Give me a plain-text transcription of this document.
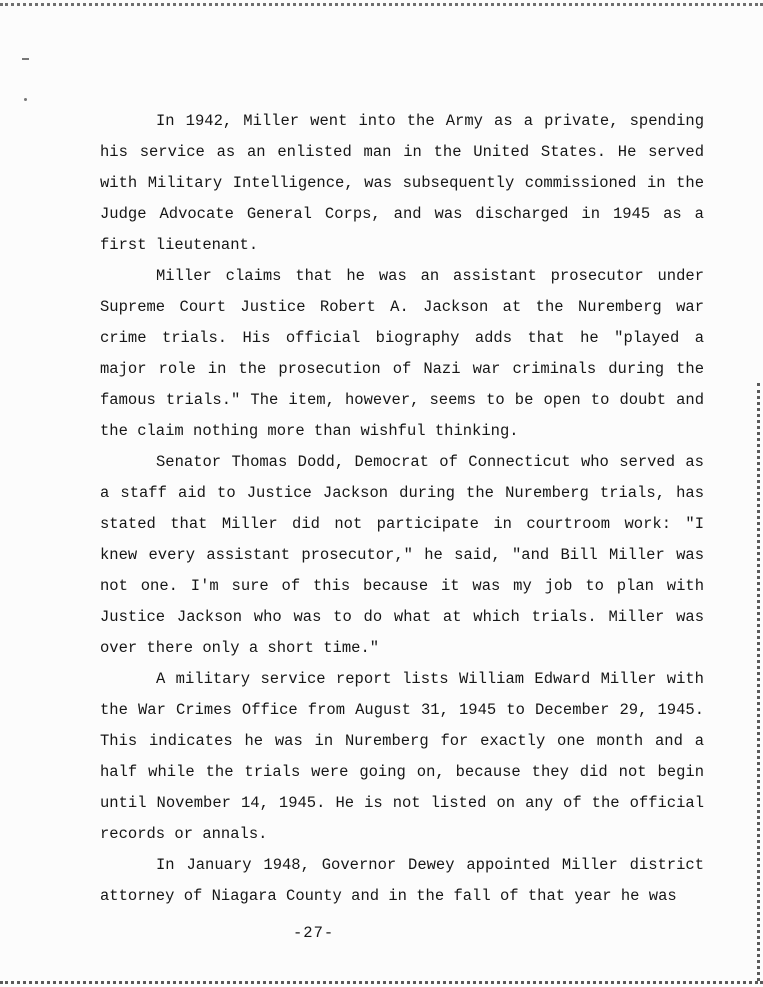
In 1942, Miller went into the Army as a private, spending his service as an enlisted man in the United States. He served with Military Intelligence, was subsequently commissioned in the Judge Advocate General Corps, and was discharged in 1945 as a first lieutenant.

Miller claims that he was an assistant prosecutor under Supreme Court Justice Robert A. Jackson at the Nuremberg war crime trials. His official biography adds that he "played a major role in the prosecution of Nazi war criminals during the famous trials." The item, however, seems to be open to doubt and the claim nothing more than wishful thinking.

Senator Thomas Dodd, Democrat of Connecticut who served as a staff aid to Justice Jackson during the Nuremberg trials, has stated that Miller did not participate in courtroom work: "I knew every assistant prosecutor," he said, "and Bill Miller was not one. I'm sure of this because it was my job to plan with Justice Jackson who was to do what at which trials. Miller was over there only a short time."

A military service report lists William Edward Miller with the War Crimes Office from August 31, 1945 to December 29, 1945. This indicates he was in Nuremberg for exactly one month and a half while the trials were going on, because they did not begin until November 14, 1945. He is not listed on any of the official records or annals.

In January 1948, Governor Dewey appointed Miller district attorney of Niagara County and in the fall of that year he was

-27-
